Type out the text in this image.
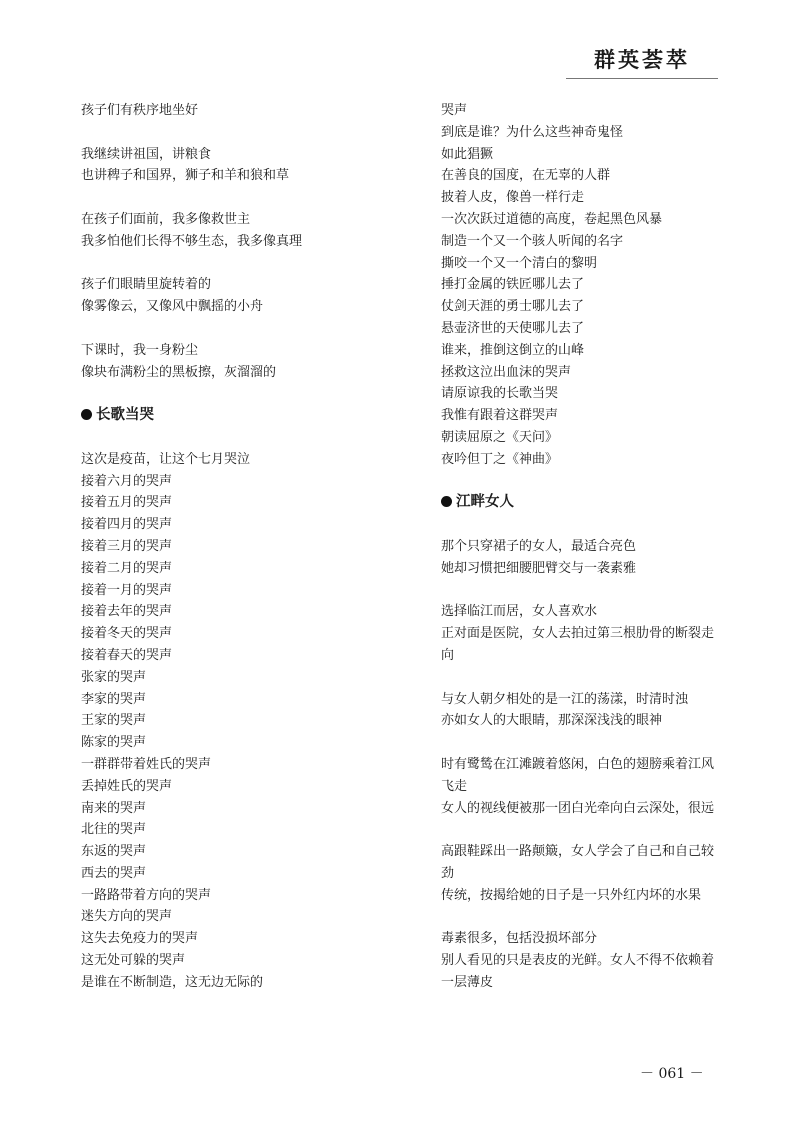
群英荟萃
孩子们有秩序地坐好
我继续讲祖国，讲粮食
也讲稗子和国界，狮子和羊和狼和草
在孩子们面前，我多像救世主
我多怕他们长得不够生态，我多像真理
孩子们眼睛里旋转着的
像雾像云，又像风中飘摇的小舟
下课时，我一身粉尘
像块布满粉尘的黑板擦，灰溜溜的
长歌当哭
这次是疫苗，让这个七月哭泣
接着六月的哭声
接着五月的哭声
接着四月的哭声
接着三月的哭声
接着二月的哭声
接着一月的哭声
接着去年的哭声
接着冬天的哭声
接着春天的哭声
张家的哭声
李家的哭声
王家的哭声
陈家的哭声
一群群带着姓氏的哭声
丢掉姓氏的哭声
南来的哭声
北往的哭声
东返的哭声
西去的哭声
一路路带着方向的哭声
迷失方向的哭声
这失去免疫力的哭声
这无处可躲的哭声
是谁在不断制造，这无边无际的
哭声
到底是谁？为什么这些神奇鬼怪
如此猖獗
在善良的国度，在无辜的人群
披着人皮，像兽一样行走
一次次跃过道德的高度，卷起黑色风暴
制造一个又一个骇人听闻的名字
撕咬一个又一个清白的黎明
捶打金属的铁匠哪儿去了
仗剑天涯的勇士哪儿去了
悬壶济世的天使哪儿去了
谁来，推倒这倒立的山峰
拯救这泣出血沫的哭声
请原谅我的长歌当哭
我惟有跟着这群哭声
朝读屈原之《天问》
夜吟但丁之《神曲》
江畔女人
那个只穿裙子的女人，最适合亮色
她却习惯把细腰肥臂交与一袭素雅
选择临江而居，女人喜欢水
正对面是医院，女人去拍过第三根肋骨的断裂走向
与女人朝夕相处的是一江的荡漾，时清时浊
亦如女人的大眼睛，那深深浅浅的眼神
时有鹭鸶在江滩踱着悠闲，白色的翅膀乘着江风飞走
女人的视线便被那一团白光牵向白云深处，很远
高跟鞋踩出一路颠簸，女人学会了自己和自己较劲
传统，按揭给她的日子是一只外红内坏的水果
毒素很多，包括没损坏部分
别人看见的只是表皮的光鲜。女人不得不依赖着一层薄皮
－ 061 －
